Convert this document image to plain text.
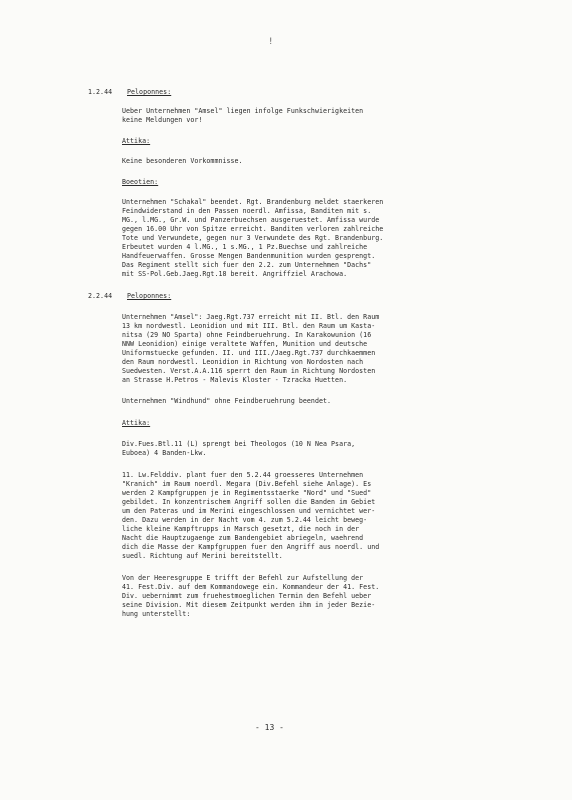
!
1.2.44 Peloponnes:
Ueber Unternehmen "Amsel" liegen infolge Funkschwierigkeiten
keine Meldungen vor!
Attika:
Keine besonderen Vorkommnisse.
Boeotien:
Unternehmen "Schakal" beendet. Rgt. Brandenburg meldet staerkeren
Feindwiderstand in den Passen noerdl. Amfissa, Banditen mit s.
MG., l.MG., Gr.W. und Panzerbuechsen ausgeruestet. Amfissa wurde
gegen 16.00 Uhr von Spitze erreicht. Banditen verloren zahlreiche
Tote und Verwundete, gegen nur 3 Verwundete des Rgt. Brandenburg.
Erbeutet wurden 4 l.MG., 1 s.MG., 1 Pz.Buechse und zahlreiche
Handfeuerwaffen. Grosse Mengen Bandenmunition wurden gesprengt.
Das Regiment stellt sich fuer den 2.2. zum Unternehmen "Dachs"
mit SS-Pol.Geb.Jaeg.Rgt.18 bereit. Angriffziel Arachowa.
2.2.44 Peloponnes:
Unternehmen "Amsel": Jaeg.Rgt.737 erreicht mit II. Btl. den Raum
13 km nordwestl. Leonidion und mit III. Btl. den Raum um Kasta-
nitsa (29 NO Sparta) ohne Feindberuehrung. In Karakowunion (16
NNW Leonidion) einige veraltete Waffen, Munition und deutsche
Uniformstuecke gefunden. II. und III./Jaeg.Rgt.737 durchkaemmen
den Raum nordwestl. Leonidion in Richtung von Nordosten nach
Suedwesten. Verst.A.A.116 sperrt den Raum in Richtung Nordosten
an Strasse H.Petros - Malevis Kloster - Tzracka Huetten.
Unternehmen "Windhund" ohne Feindberuehrung beendet.
Attika:
Div.Fues.Btl.11 (L) sprengt bei Theologos (10 N Nea Psara,
Euboea) 4 Banden-Lkw.
11. Lw.Felddiv. plant fuer den 5.2.44 groesseres Unternehmen
"Kranich" im Raum noerdl. Megara (Div.Befehl siehe Anlage). Es
werden 2 Kampfgruppen je in Regimentsstaerke "Nord" und "Sued"
gebildet. In konzentrischem Angriff sollen die Banden im Gebiet
um den Pateras und im Merini eingeschlossen und vernichtet wer-
den. Dazu werden in der Nacht vom 4. zum 5.2.44 leicht beweg-
liche kleine Kampftrupps in Marsch gesetzt, die noch in der
Nacht die Hauptzugaenge zum Bandengebiet abriegeln, waehrend
dich die Masse der Kampfgruppen fuer den Angriff aus noerdl. und
suedl. Richtung auf Merini bereitstellt.
Von der Heeresgruppe E trifft der Befehl zur Aufstellung der
41. Fest.Div. auf dem Kommandowege ein. Kommandeur der 41. Fest.
Div. uebernimmt zum fruehestmoeglichen Termin den Befehl ueber
seine Division. Mit diesem Zeitpunkt werden ihm in jeder Bezie-
hung unterstellt:
- 13 -
